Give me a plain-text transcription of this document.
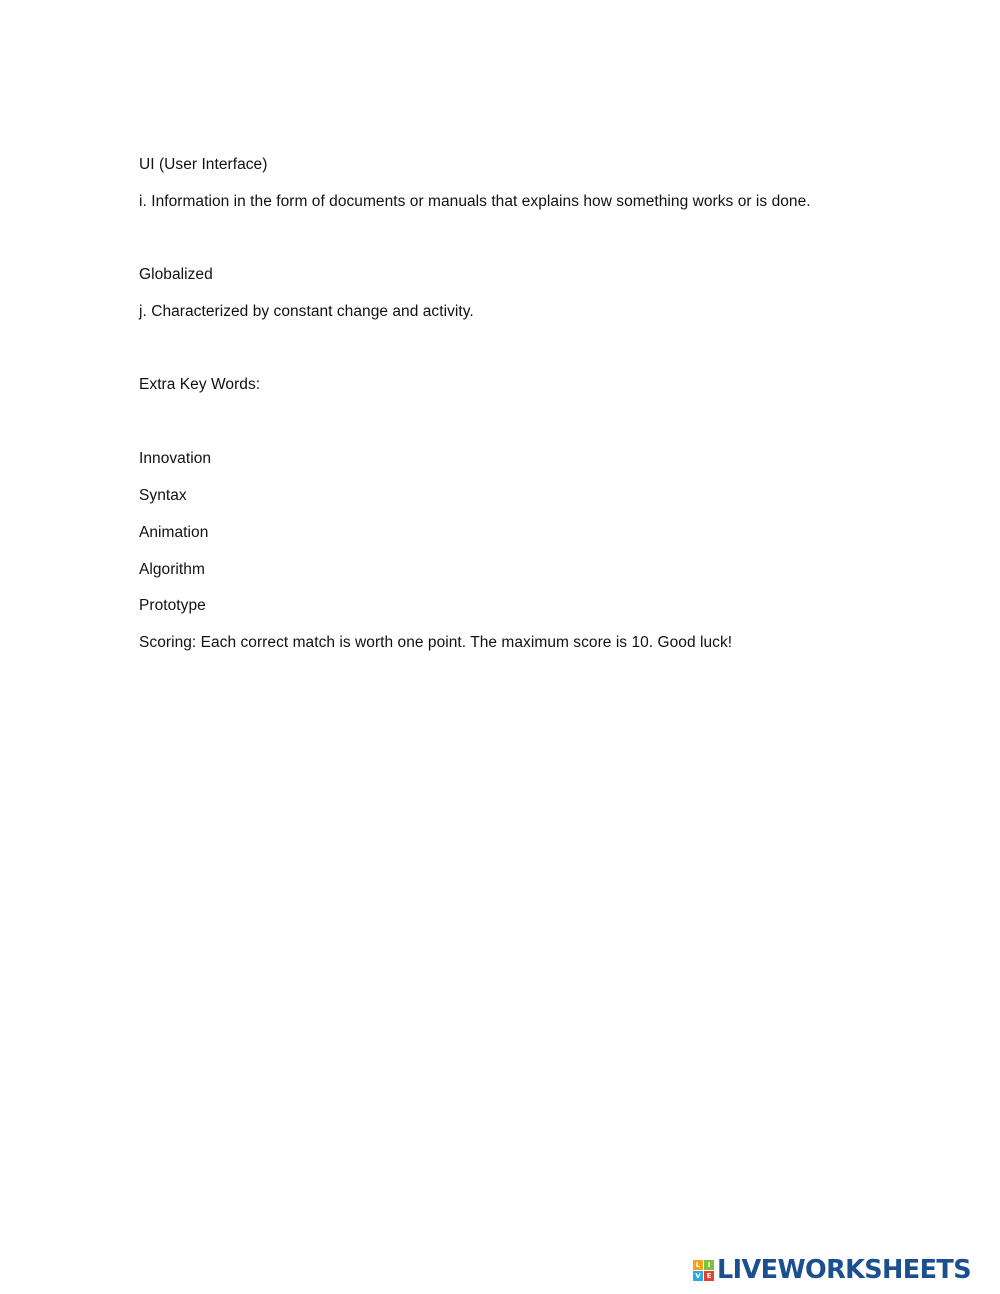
UI (User Interface)
i. Information in the form of documents or manuals that explains how something works or is done.
Globalized
j. Characterized by constant change and activity.
Extra Key Words:
Innovation
Syntax
Animation
Algorithm
Prototype
Scoring: Each correct match is worth one point. The maximum score is 10. Good luck!
L	I
V E LIVEWORKSHEETS
